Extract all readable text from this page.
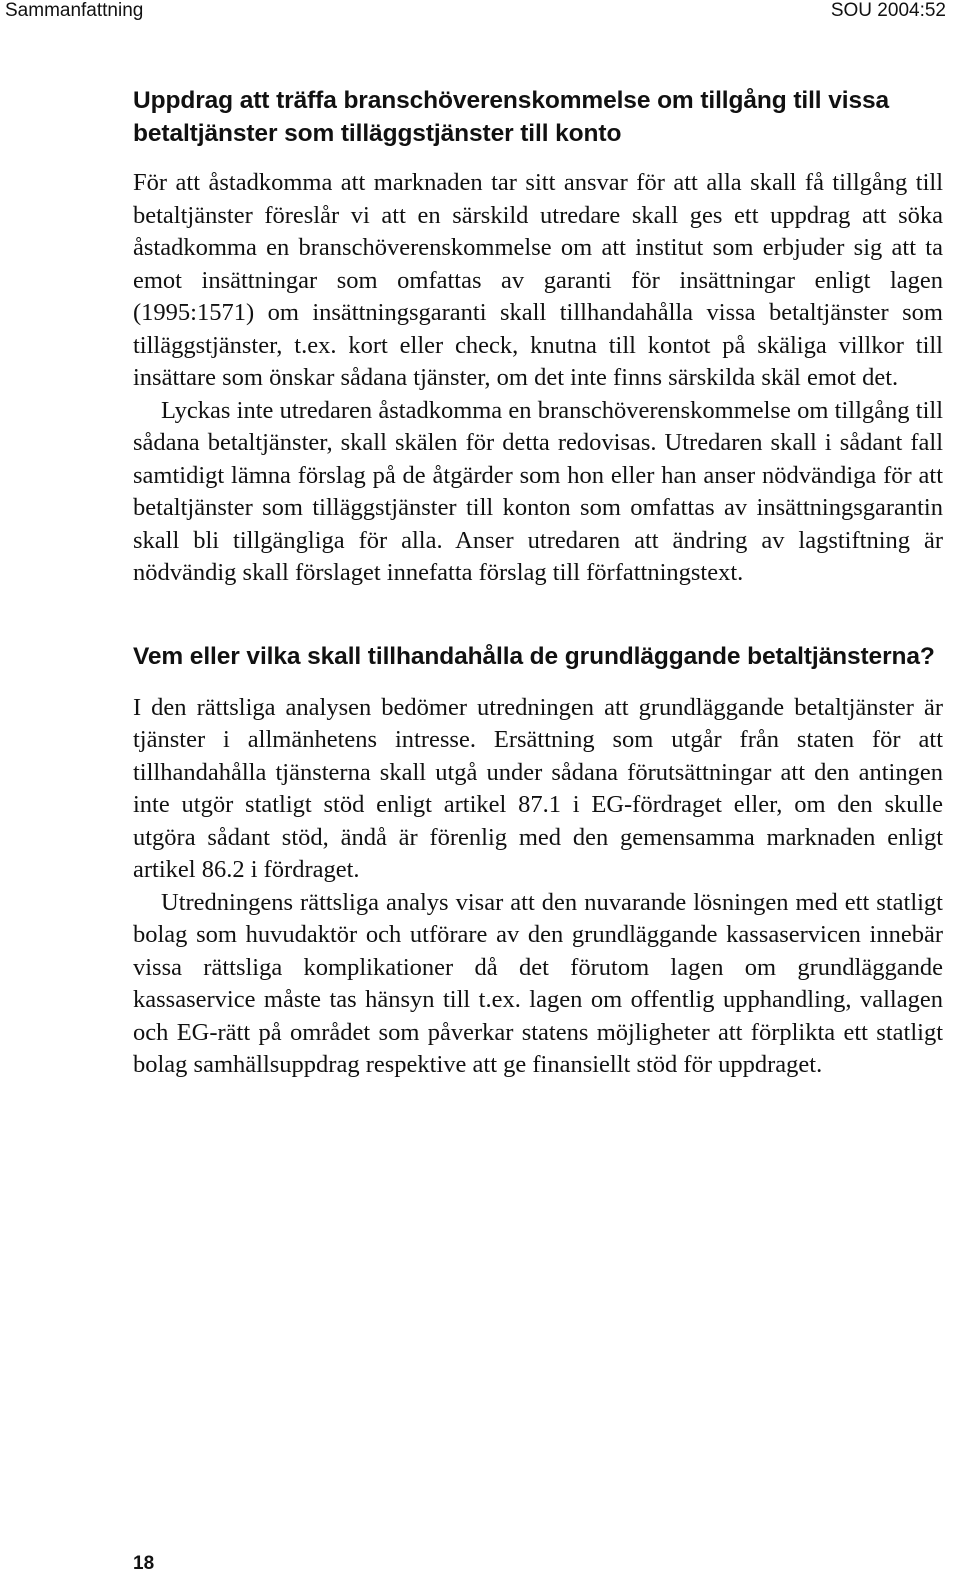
Sammanfattning	SOU 2004:52
Uppdrag att träffa branschöverenskommelse om tillgång till vissa betaltjänster som tilläggstjänster till konto

För att åstadkomma att marknaden tar sitt ansvar för att alla skall få tillgång till betaltjänster föreslår vi att en särskild utredare skall ges ett uppdrag att söka åstadkomma en branschöverenskommelse om att institut som erbjuder sig att ta emot insättningar som omfattas av garanti för insättningar enligt lagen (1995:1571) om insättningsgaranti skall tillhandahålla vissa betaltjänster som tilläggstjänster, t.ex. kort eller check, knutna till kontot på skäliga villkor till insättare som önskar sådana tjänster, om det inte finns särskilda skäl emot det.

Lyckas inte utredaren åstadkomma en branschöverenskommelse om tillgång till sådana betaltjänster, skall skälen för detta redovisas. Utredaren skall i sådant fall samtidigt lämna förslag på de åtgärder som hon eller han anser nödvändiga för att betaltjänster som tilläggstjänster till konton som omfattas av insättningsgarantin skall bli tillgängliga för alla. Anser utredaren att ändring av lagstiftning är nödvändig skall förslaget innefatta förslag till författningstext.

Vem eller vilka skall tillhandahålla de grundläggande betaltjänsterna?

I den rättsliga analysen bedömer utredningen att grundläggande betaltjänster är tjänster i allmänhetens intresse. Ersättning som utgår från staten för att tillhandahålla tjänsterna skall utgå under sådana förutsättningar att den antingen inte utgör statligt stöd enligt artikel 87.1 i EG-fördraget eller, om den skulle utgöra sådant stöd, ändå är förenlig med den gemensamma marknaden enligt artikel 86.2 i fördraget.

Utredningens rättsliga analys visar att den nuvarande lösningen med ett statligt bolag som huvudaktör och utförare av den grundläggande kassaservicen innebär vissa rättsliga komplikationer då det förutom lagen om grundläggande kassaservice måste tas hänsyn till t.ex. lagen om offentlig upphandling, vallagen och EG-rätt på området som påverkar statens möjligheter att förplikta ett statligt bolag samhällsuppdrag respektive att ge finansiellt stöd för uppdraget.

18
